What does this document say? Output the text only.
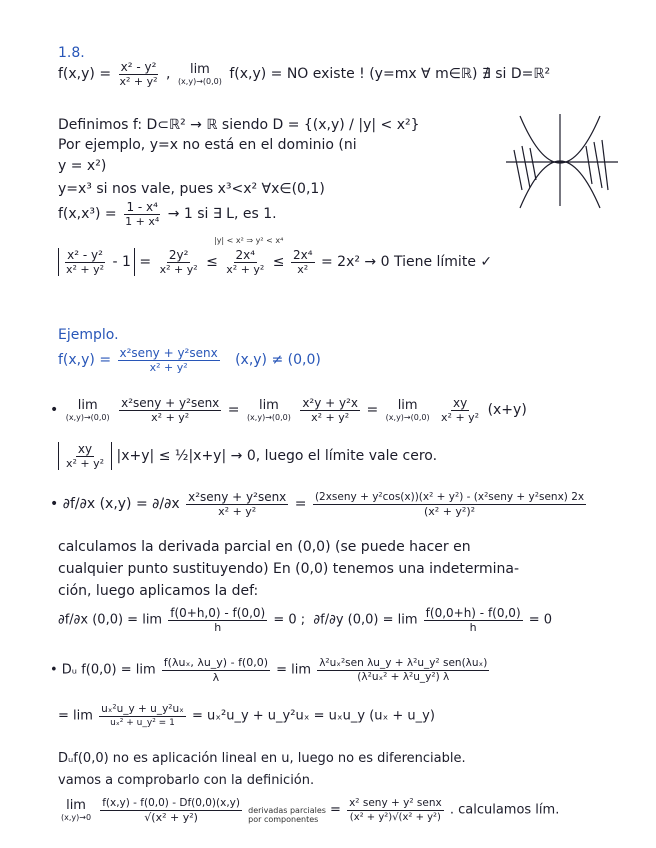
1.8.
$f(x,y) = \frac{\text{x² - y²}}{\text{x² + y²}}$ , lim
(x,y)→(0,0) f(x,y) = NO existe ! (y=mx ∀ m∈ℝ) ∄ si D=ℝ²
Definimos f: D⊂ℝ² → ℝ siendo D = {(x,y) / |y| < x²}
Por ejemplo, y=x no está en el dominio (ni
y = x²)
y=x³ si nos vale, pues x³<x² ∀x∈(0,1)
$f(x,x^3) = \frac{\text{1 - x⁴}}{\text{1 + x⁴}} \to 1$ si ∃ L, es 1.
|y| < x² ⇒ y² < x⁴
$\frac{\text{x² - y²}}{\text{x² + y²}} - 1 = \frac{\text{2y²}}{\text{x² + y²}} \le \frac{\text{2x⁴}}{\text{x² + y²}} \le \frac{\text{2x⁴}}{\text{x²}} = 2x^2 \to 0$ Tiene límite ✓
Ejemplo.
$f(x,y) = \frac{\text{x²seny + y²senx}}{\text{x² + y²}} (x,y) \ne (0,0)$
• lim
(x,y)→(0,0)
$\frac{\text{x²seny + y²senx}}{\text{x² + y²}} = \lim$
(x,y)→(0,0)
$\frac{\text{x²y + y²x}}{\text{x² + y²}} = \lim$
(x,y)→(0,0)
$\frac{xy}{\text{x² + y²}} (x+y)$
$\frac{xy}{\text{x² + y²}} |x+y|$ ≤ ½|x+y| → 0, luego el límite vale cero.
• ∂f/∂x $(x,y) = \partial/\partial x \frac{\text{x²seny + y²senx}}{\text{x² + y²}} = \frac{\text{(2xseny + y²cos(x))(x² + y²) - (x²seny + y²senx) 2x}}{\text{(x² + y²)²}}$
calculamos la derivada parcial en (0,0) (se puede hacer en
cualquier punto sustituyendo) En (0,0) tenemos una indetermina-
ción, luego aplicamos la def:
∂f/∂x $(0,0) = \lim \frac{f(0+h,0) - f(0,0)}{h} = 0$ ; ∂f/∂y $(0,0) = \lim \frac{f(0,0+h) - f(0,0)}{h} = 0$
• Dᵤ $f(0,0) = \lim \frac{\text{f(λuₓ, λu\_y) - f(0,0)}}{\lambda} = \lim \frac{\text{λ²uₓ²sen λu\_y + λ²u\_y² sen(λuₓ)}}{\text{(λ²uₓ² + λ²u\_y²) λ}}$
= $\lim \frac{\text{uₓ²u\_y + u\_y²uₓ}}{\text{uₓ² + u\_y² = 1}}$ = uₓ²u_y + u_y²uₓ = uₓu_y (uₓ + u_y)
Dᵤf(0,0) no es aplicación lineal en u, luego no es diferenciable.
vamos a comprobarlo con la definición.
lim
(x,y)→0
$\frac{f(x,y) - f(0,0) - Df(0,0)(x,y)}{\text{√(x² + y²)}}$
derivadas parciales
por componentes
= $\frac{\text{x² seny + y² senx}}{\text{(x² + y²)√(x² + y²)}}$ . calculamos lím.
